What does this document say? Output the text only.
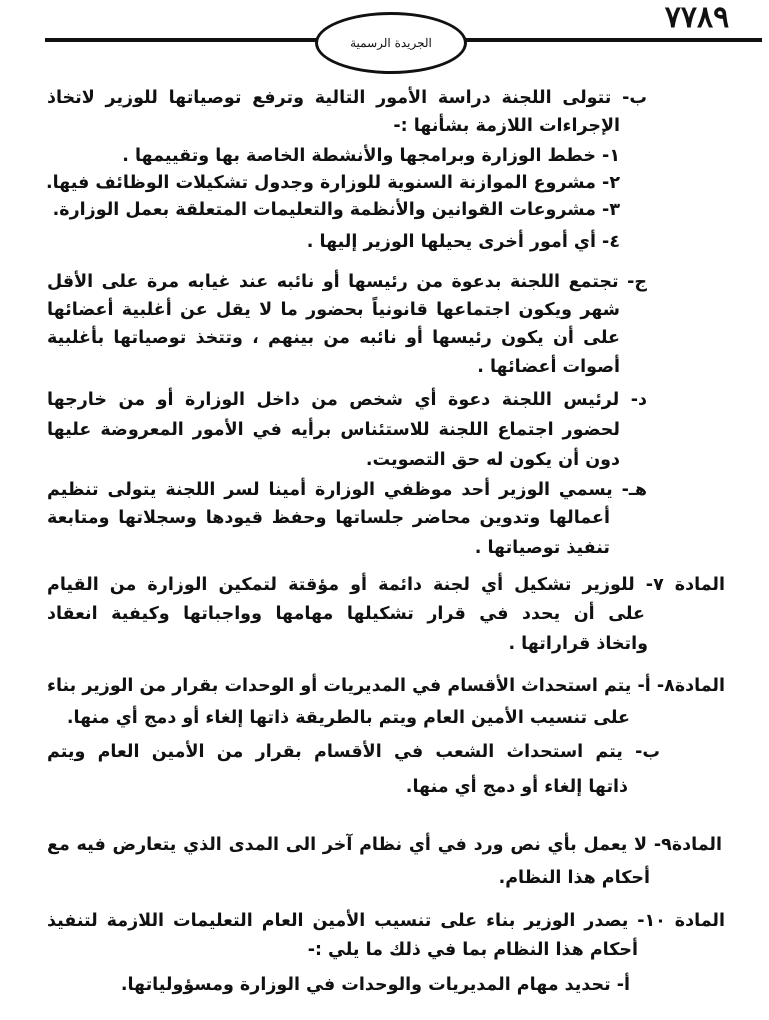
٧٧٨٩
الجريدة الرسمية
ب- تتولى اللجنة دراسة الأمور التالية وترفع توصياتها للوزير لاتخاذ
الإجراءات اللازمة بشأنها :-
١- خطط الوزارة وبرامجها والأنشطة الخاصة بها وتقييمها .
٢- مشروع الموازنة السنوية للوزارة وجدول تشكيلات الوظائف فيها.
٣- مشروعات القوانين والأنظمة والتعليمات المتعلقة بعمل الوزارة.
٤- أي أمور أخرى يحيلها الوزير إليها .
ج- تجتمع اللجنة بدعوة من رئيسها أو نائبه عند غيابه مرة على الأقل
شهر ويكون اجتماعها قانونياً بحضور ما لا يقل عن أغلبية أعضائها
على أن يكون رئيسها أو نائبه من بينهم ، وتتخذ توصياتها بأغلبية
أصوات أعضائها .
د- لرئيس اللجنة دعوة أي شخص من داخل الوزارة أو من خارجها
لحضور اجتماع اللجنة للاستئناس برأيه في الأمور المعروضة عليها
دون أن يكون له حق التصويت.
هـ- يسمي الوزير أحد موظفي الوزارة أمينا لسر اللجنة يتولى تنظيم
أعمالها وتدوين محاضر جلساتها وحفظ قيودها وسجلاتها ومتابعة
تنفيذ توصياتها .
المادة ٧- للوزير تشكيل أي لجنة دائمة أو مؤقتة لتمكين الوزارة من القيام
على أن يحدد في قرار تشكيلها مهامها وواجباتها وكيفية انعقاد
واتخاذ قراراتها .
المادة٨- أ- يتم استحداث الأقسام في المديريات أو الوحدات بقرار من الوزير بناء
على تنسيب الأمين العام ويتم بالطريقة ذاتها إلغاء أو دمج أي منها.
ب- يتم استحداث الشعب في الأقسام بقرار من الأمين العام ويتم
ذاتها إلغاء أو دمج أي منها.
المادة٩- لا يعمل بأي نص ورد في أي نظام آخر الى المدى الذي يتعارض فيه مع
أحكام هذا النظام.
المادة ١٠- يصدر الوزير بناء على تنسيب الأمين العام التعليمات اللازمة لتنفيذ
أحكام هذا النظام بما في ذلك ما يلي :-
أ- تحديد مهام المديريات والوحدات في الوزارة ومسؤولياتها.
